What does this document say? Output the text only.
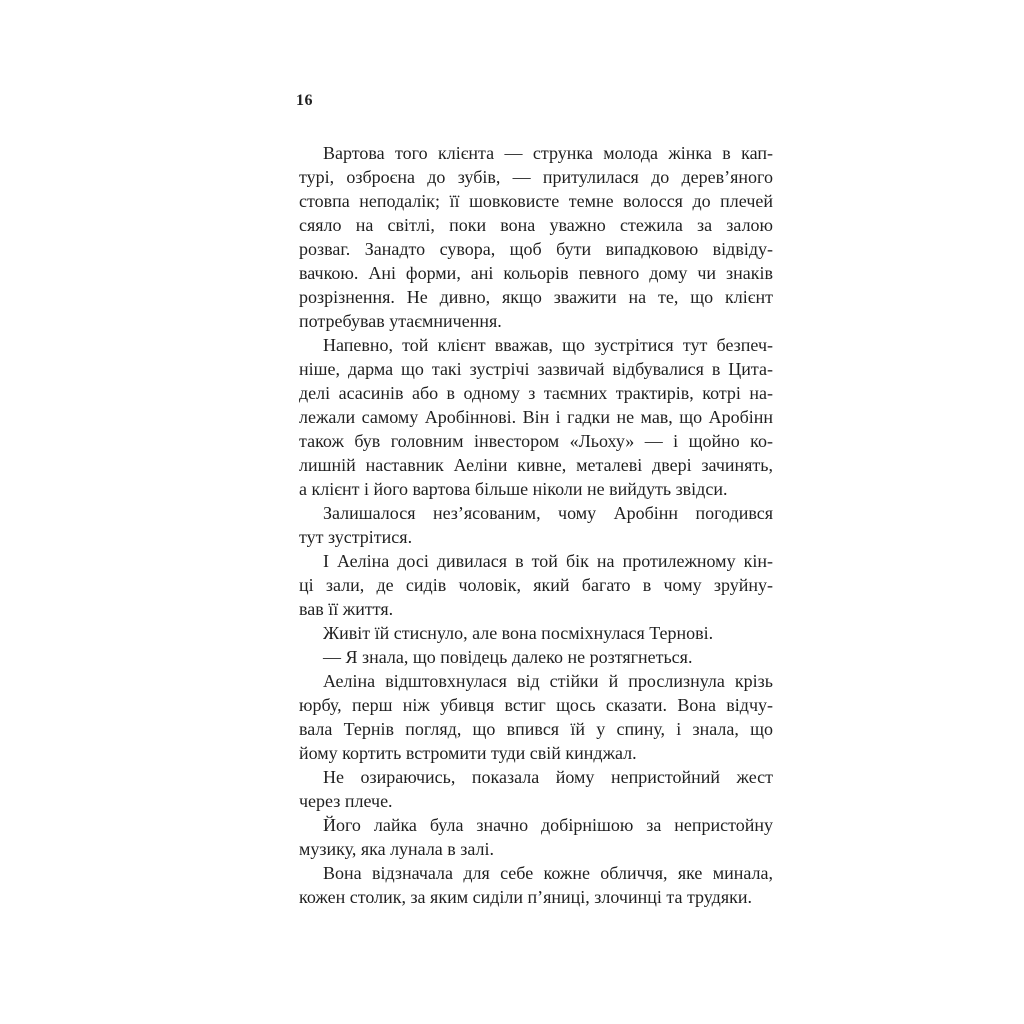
16
Вартова того клієнта — струнка молода жінка в кап-
турі, озброєна до зубів, — притулилася до дерев’яного
стовпа неподалік; її шовковисте темне волосся до плечей
сяяло на світлі, поки вона уважно стежила за залою
розваг. Занадто сувора, щоб бути випадковою відвіду-
вачкою. Ані форми, ані кольорів певного дому чи знаків
розрізнення. Не дивно, якщо зважити на те, що клієнт
потребував утаємничення.
Напевно, той клієнт вважав, що зустрітися тут безпеч-
ніше, дарма що такі зустрічі зазвичай відбувалися в Цита-
делі асасинів або в одному з таємних трактирів, котрі на-
лежали самому Аробіннові. Він і гадки не мав, що Аробінн
також був головним інвестором «Льоху» — і щойно ко-
лишній наставник Аеліни кивне, металеві двері зачинять,
а клієнт і його вартова більше ніколи не вийдуть звідси.
Залишалося нез’ясованим, чому Аробінн погодився
тут зустрітися.
І Аеліна досі дивилася в той бік на протилежному кін-
ці зали, де сидів чоловік, який багато в чому зруйну-
вав її життя.
Живіт їй стиснуло, але вона посміхнулася Тернові.
— Я знала, що повідець далеко не розтягнеться.
Аеліна відштовхнулася від стійки й прослизнула крізь
юрбу, перш ніж убивця встиг щось сказати. Вона відчу-
вала Тернів погляд, що впився їй у спину, і знала, що
йому кортить встромити туди свій кинджал.
Не озираючись, показала йому непристойний жест
через плече.
Його лайка була значно добірнішою за непристойну
музику, яка лунала в залі.
Вона відзначала для себе кожне обличчя, яке минала,
кожен столик, за яким сиділи п’яниці, злочинці та трудяки.
